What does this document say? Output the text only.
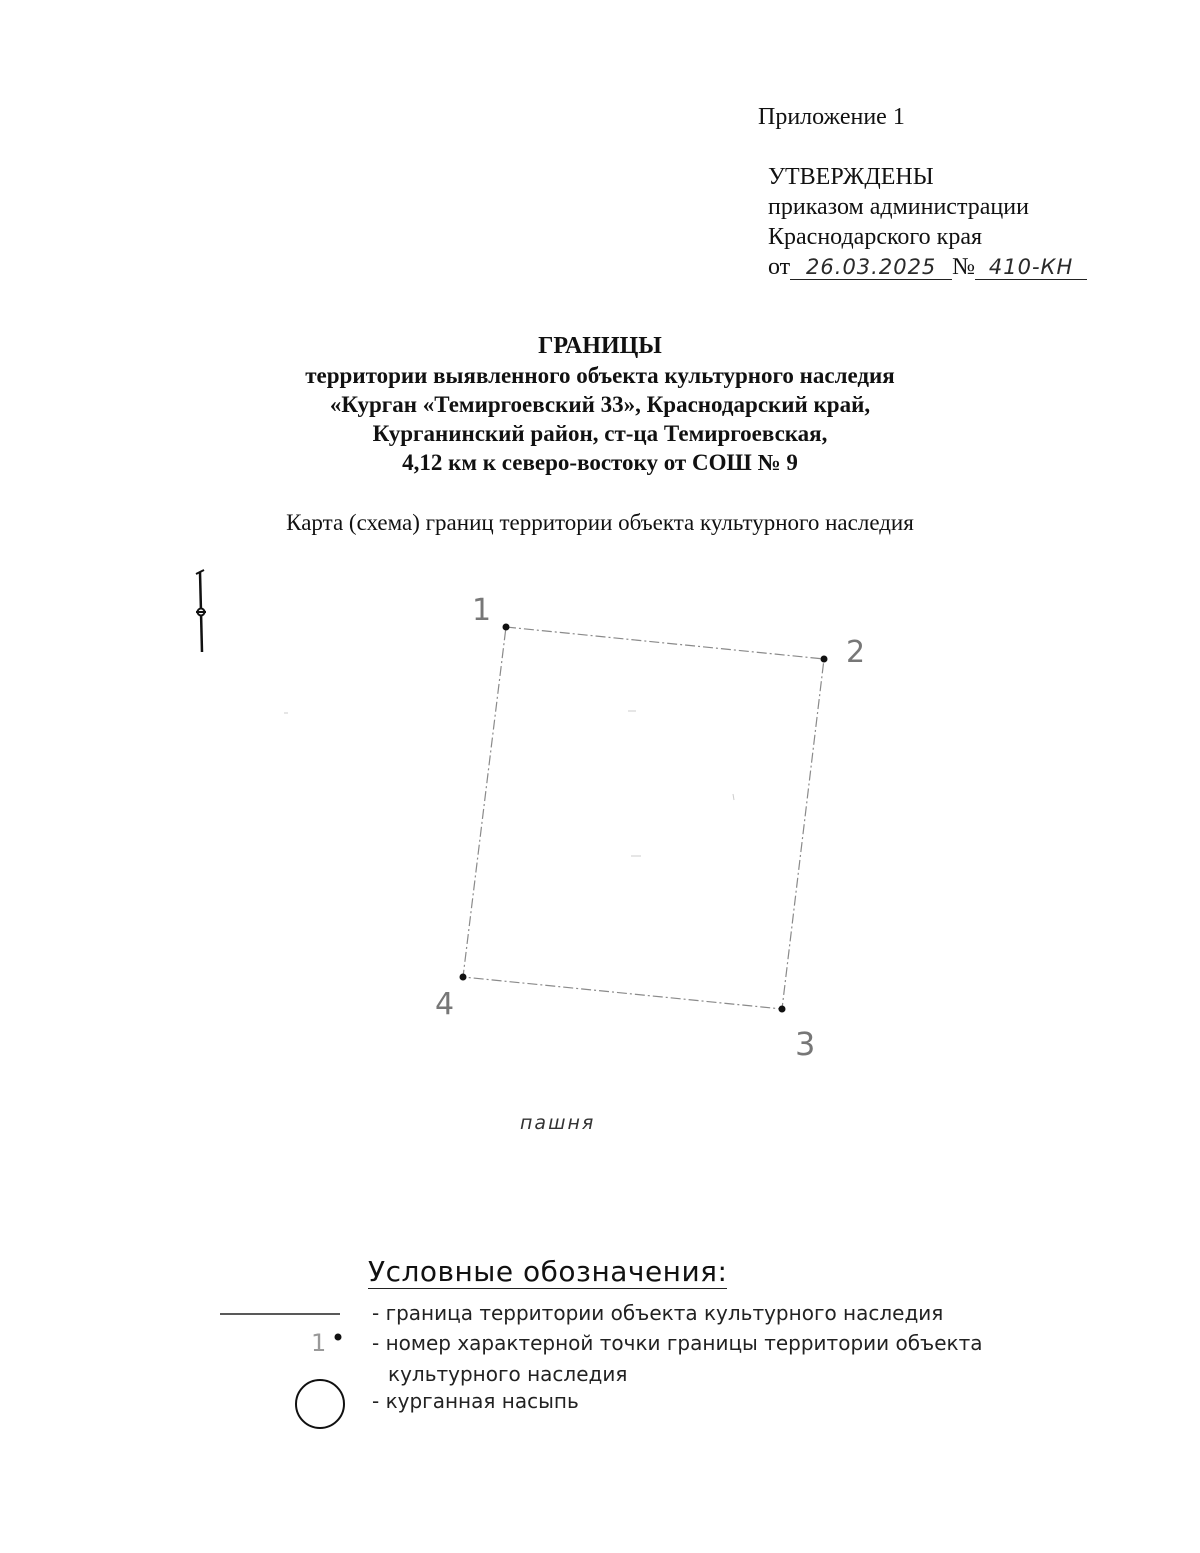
Приложение 1
УТВЕРЖДЕНЫ
приказом администрации
Краснодарского края
от 26.03.2025 № 410-КН
ГРАНИЦЫ
территории выявленного объекта культурного наследия
«Курган «Темиргоевский 33», Краснодарский край,
Курганинский район, ст-ца Темиргоевская,
4,12 км к северо-востоку от СОШ № 9
Карта (схема) границ территории объекта культурного наследия
1
2
3
4
1
пашня
Условные обозначения:
- граница территории объекта культурного наследия
- номер характерной точки границы территории объекта
культурного наследия
- курганная насыпь
